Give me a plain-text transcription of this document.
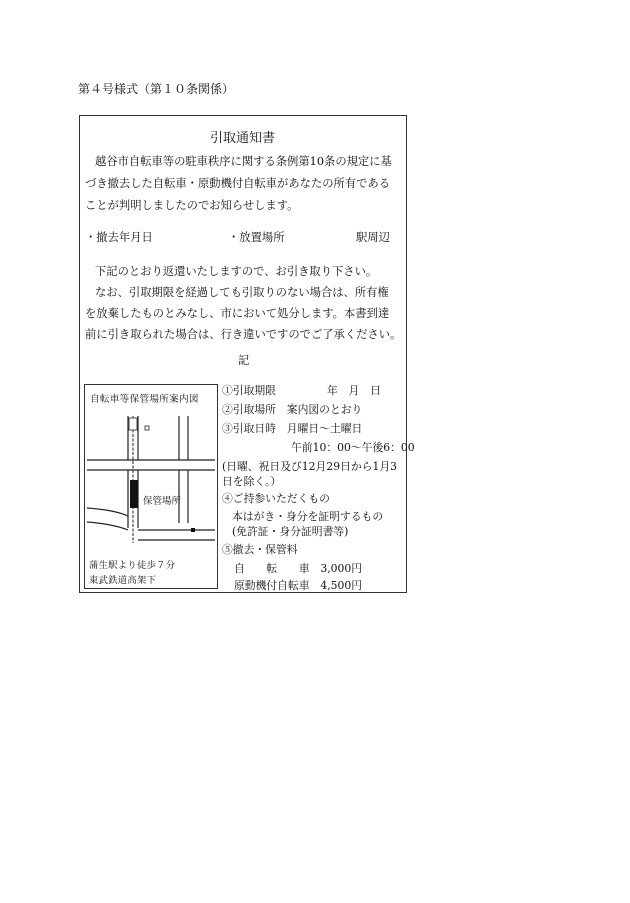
第４号様式（第１０条関係）
引取通知書
越谷市自転車等の駐車秩序に関する条例第10条の規定に基
づき撤去した自転車・原動機付自転車があなたの所有である
ことが判明しましたのでお知らせします。
・撤去年月日	・放置場所	駅周辺
下記のとおり返還いたしますので、お引き取り下さい。
なお、引取期限を経過しても引取りのない場合は、所有権
を放棄したものとみなし、市において処分します。本書到達
前に引き取られた場合は、行き違いですのでご了承ください。
記
自転車等保管場所案内図
保管場所
蒲生駅より徒歩７分
東武鉄道高架下
①引取期限	年　月　日
②引取場所　案内図のとおり
③引取日時　月曜日～土曜日
午前10：00～午後6：00
(日曜、祝日及び12月29日から1月3
日を除く。）
④ご持参いただくもの
本はがき・身分を証明するもの
(免許証・身分証明書等)
⑤撤去・保管料
自　　転　　車　3,000円
原動機付自転車　4,500円
